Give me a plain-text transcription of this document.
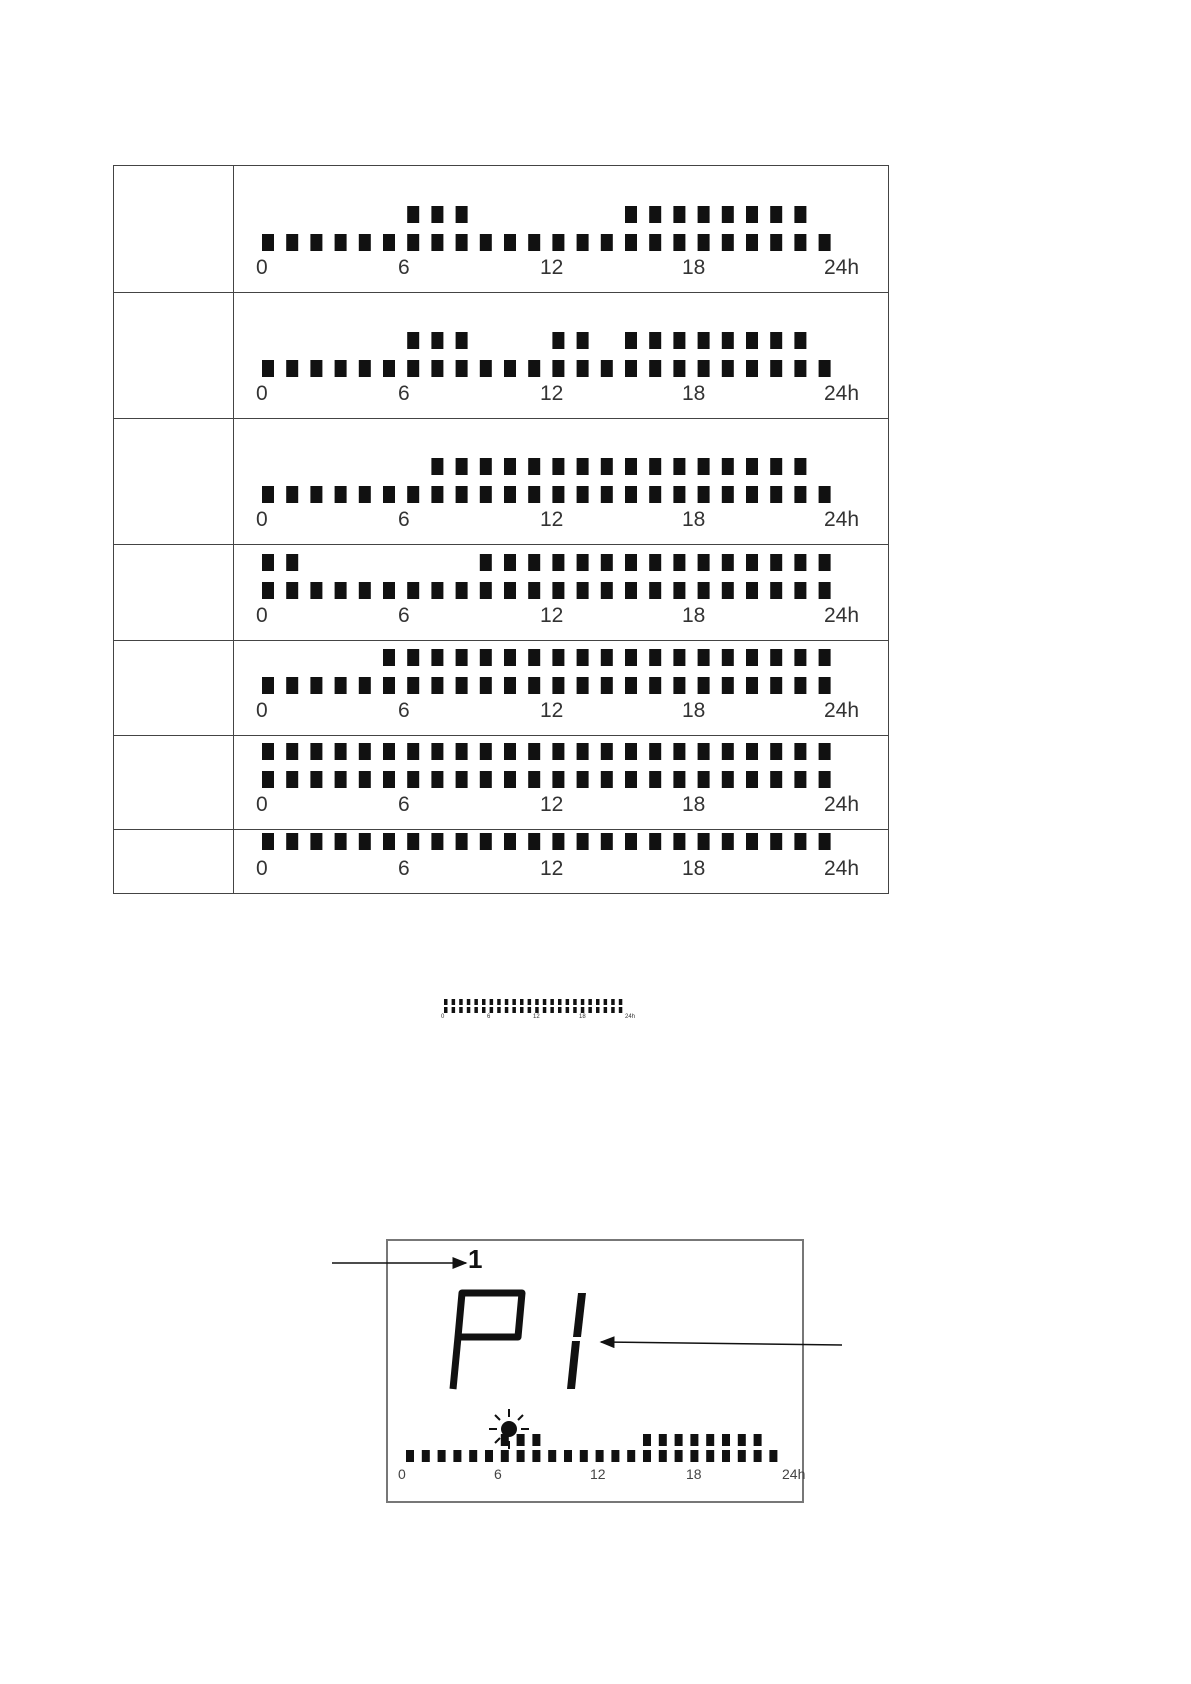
0 6 12 18 24h

0 6 12 18 24h

0 6 12 18 24h

0 6 12 18 24h

0 6 12 18 24h

0 6 12 18 24h

0 6 12 18 24h
0	6	12	18	24h
1
0	6	12	18	24h
